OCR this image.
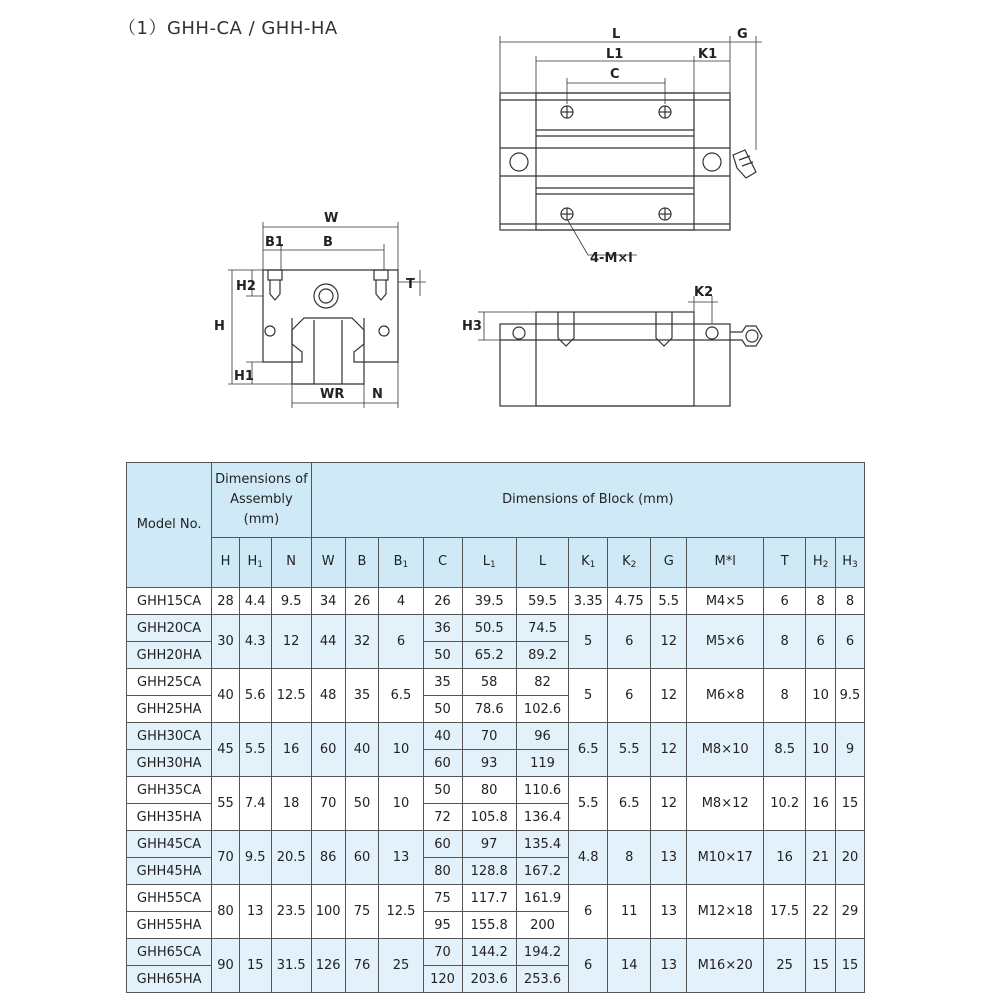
（1）GHH-CA / GHH-HA	L
L1
C
K1
G
4-M×l
W
B1	B
H2	T
H
H1
WR N
K2
H3
Model No.	Dimensions of Assembly (mm)			Dimensions of Block (mm)												
	H	$H_1$	N	W	B	$B_1$	C	$L_1$	L	$K_1$	$K_2$	G	M*l	T	$H_2$	$H_3$
GHH15CA	28	4.4	9.5	34	26	4	26	39.5	59.5	3.35	4.75	5.5	M4×5	6	8	8
GHH20CA	30	4.3	12	44	32	6	36	50.5	74.5	5	6	12	M5×6	8	6	6
GHH20HA							50	65.2	89.2							
GHH25CA	40	5.6	12.5	48	35	6.5	35	58	82	5	6	12	M6×8	8	10	9.5
GHH25HA							50	78.6	102.6							
GHH30CA	45	5.5	16	60	40	10	40	70	96	6.5	5.5	12	M8×10	8.5	10	9
GHH30HA							60	93	119							
GHH35CA	55	7.4	18	70	50	10	50	80	110.6	5.5	6.5	12	M8×12	10.2	16	15
GHH35HA							72	105.8	136.4							
GHH45CA	70	9.5	20.5	86	60	13	60	97	135.4	4.8	8	13	M10×17	16	21	20
GHH45HA							80	128.8	167.2							
GHH55CA	80	13	23.5	100	75	12.5	75	117.7	161.9	6	11	13	M12×18	17.5	22	29
GHH55HA							95	155.8	200							
GHH65CA	90	15	31.5	126	76	25	70	144.2	194.2	6	14	13	M16×20	25	15	15
GHH65HA							120	203.6	253.6							
